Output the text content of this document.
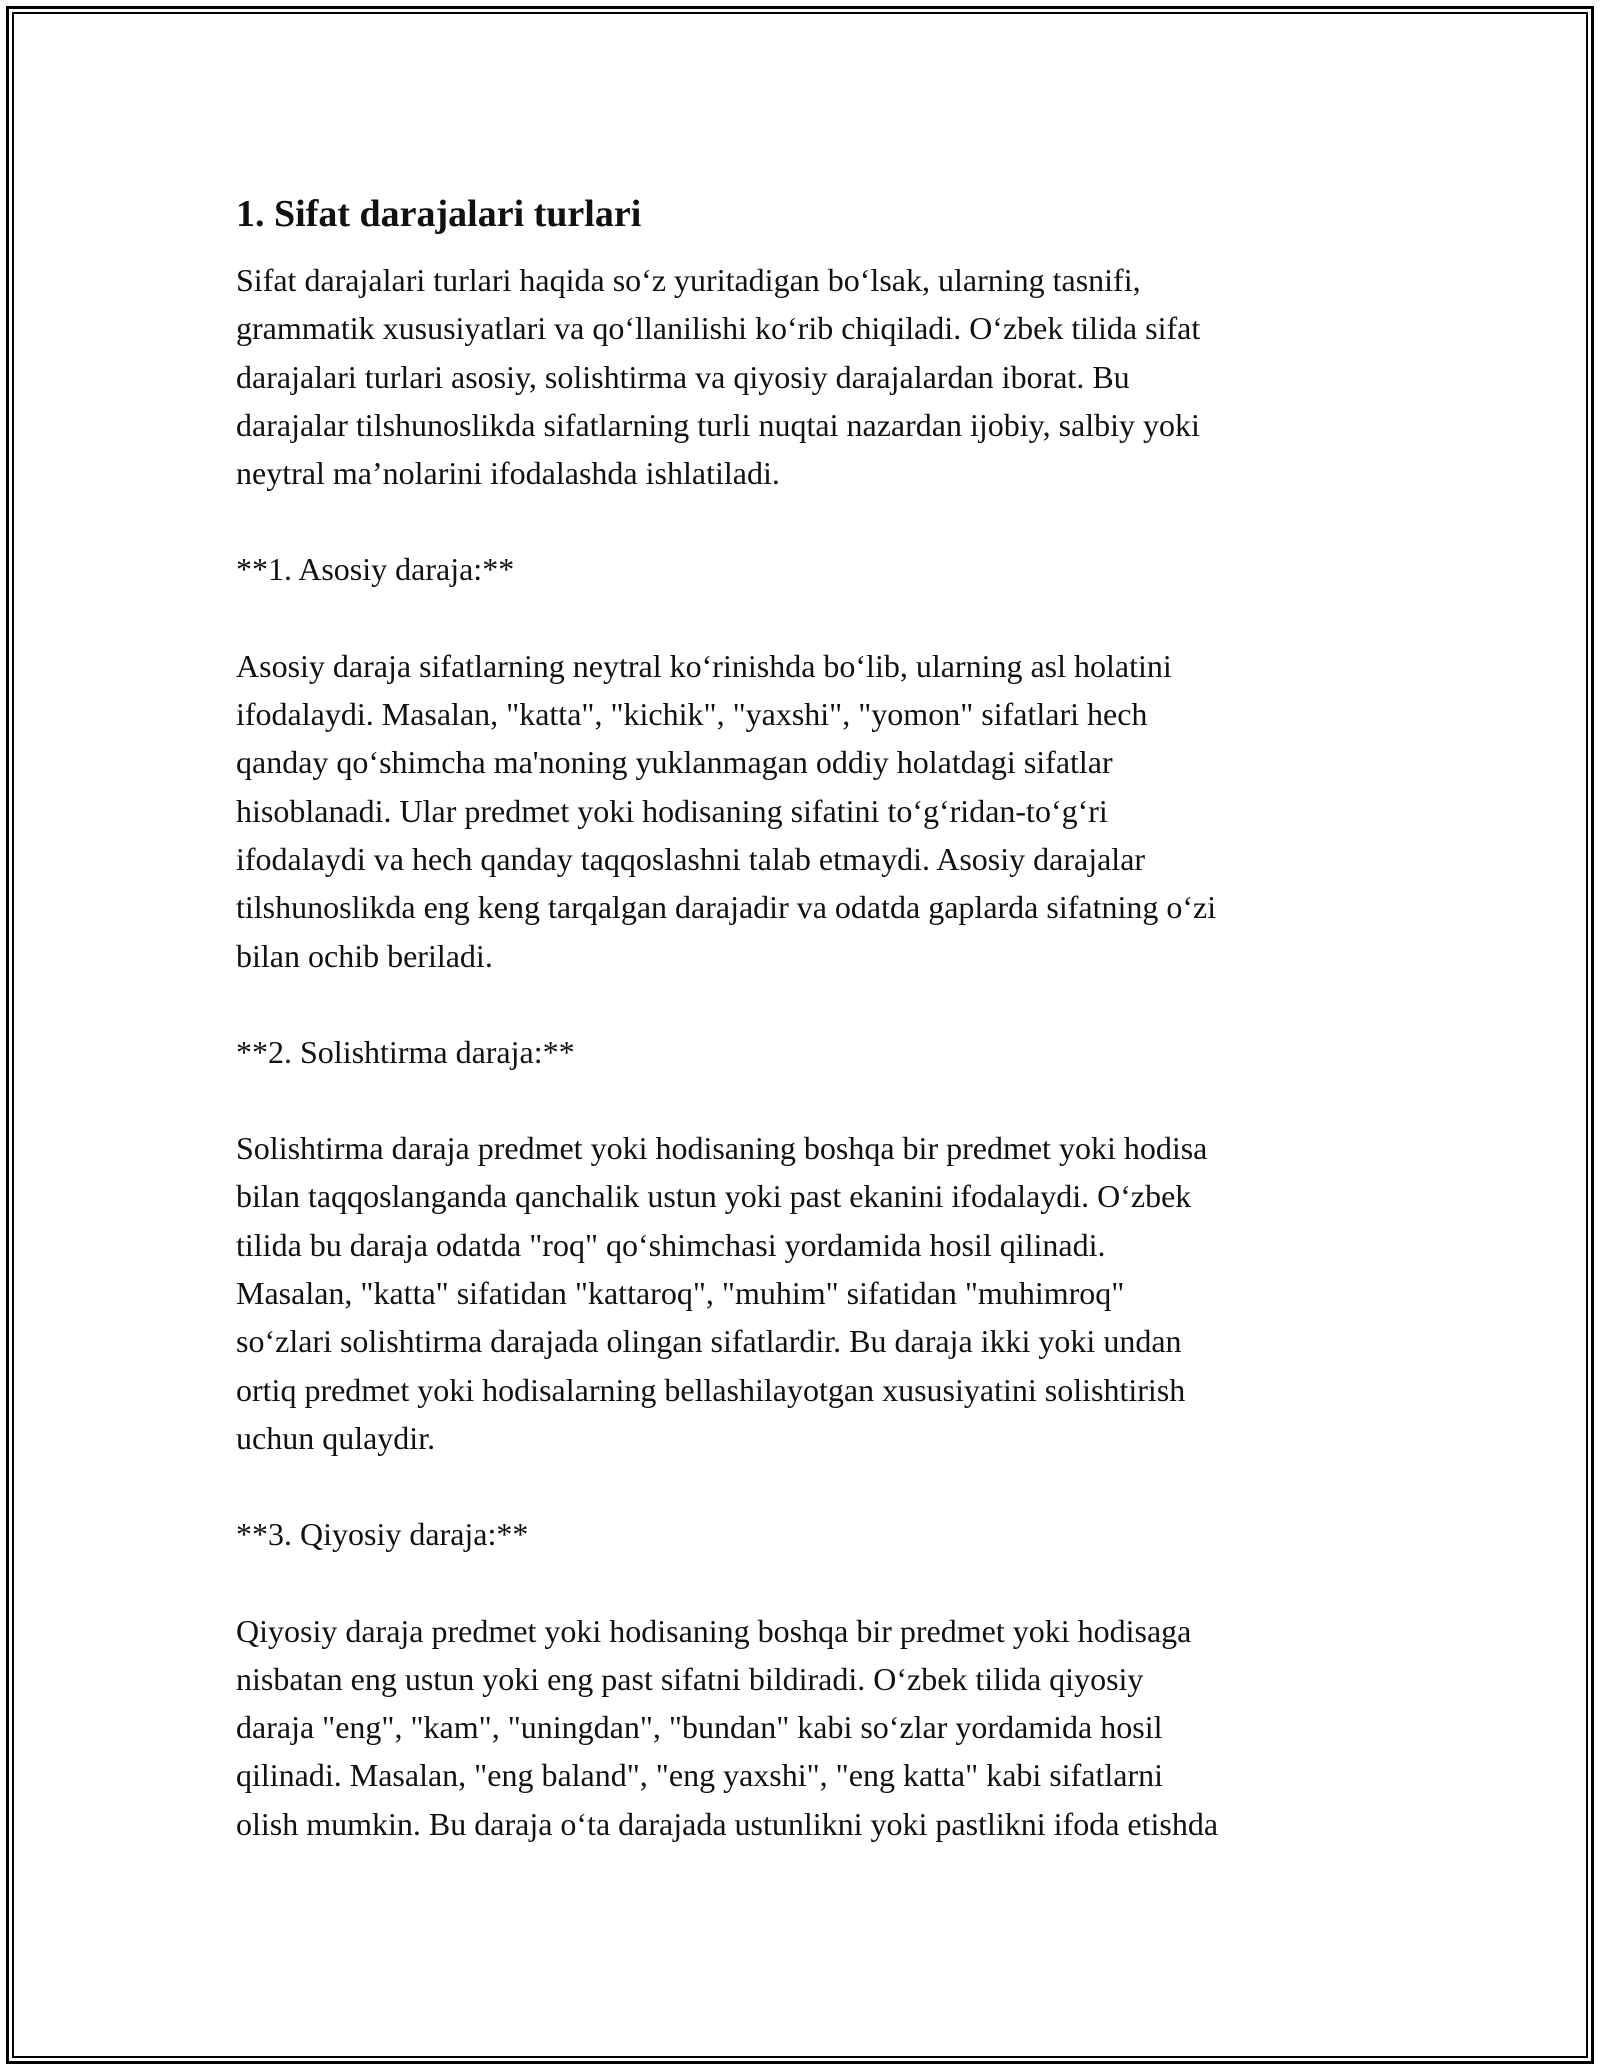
1. Sifat darajalari turlari

Sifat darajalari turlari haqida so‘z yuritadigan bo‘lsak, ularning tasnifi,
grammatik xususiyatlari va qo‘llanilishi ko‘rib chiqiladi. O‘zbek tilida sifat
darajalari turlari asosiy, solishtirma va qiyosiy darajalardan iborat. Bu
darajalar tilshunoslikda sifatlarning turli nuqtai nazardan ijobiy, salbiy yoki
neytral ma’nolarini ifodalashda ishlatiladi.

**1. Asosiy daraja:**

Asosiy daraja sifatlarning neytral ko‘rinishda bo‘lib, ularning asl holatini
ifodalaydi. Masalan, "katta", "kichik", "yaxshi", "yomon" sifatlari hech
qanday qo‘shimcha ma'noning yuklanmagan oddiy holatdagi sifatlar
hisoblanadi. Ular predmet yoki hodisaning sifatini to‘g‘ridan-to‘g‘ri
ifodalaydi va hech qanday taqqoslashni talab etmaydi. Asosiy darajalar
tilshunoslikda eng keng tarqalgan darajadir va odatda gaplarda sifatning o‘zi
bilan ochib beriladi.

**2. Solishtirma daraja:**

Solishtirma daraja predmet yoki hodisaning boshqa bir predmet yoki hodisa
bilan taqqoslanganda qanchalik ustun yoki past ekanini ifodalaydi. O‘zbek
tilida bu daraja odatda "roq" qo‘shimchasi yordamida hosil qilinadi.
Masalan, "katta" sifatidan "kattaroq", "muhim" sifatidan "muhimroq"
so‘zlari solishtirma darajada olingan sifatlardir. Bu daraja ikki yoki undan
ortiq predmet yoki hodisalarning bellashilayotgan xususiyatini solishtirish
uchun qulaydir.

**3. Qiyosiy daraja:**

Qiyosiy daraja predmet yoki hodisaning boshqa bir predmet yoki hodisaga
nisbatan eng ustun yoki eng past sifatni bildiradi. O‘zbek tilida qiyosiy
daraja "eng", "kam", "uningdan", "bundan" kabi so‘zlar yordamida hosil
qilinadi. Masalan, "eng baland", "eng yaxshi", "eng katta" kabi sifatlarni
olish mumkin. Bu daraja o‘ta darajada ustunlikni yoki pastlikni ifoda etishda
